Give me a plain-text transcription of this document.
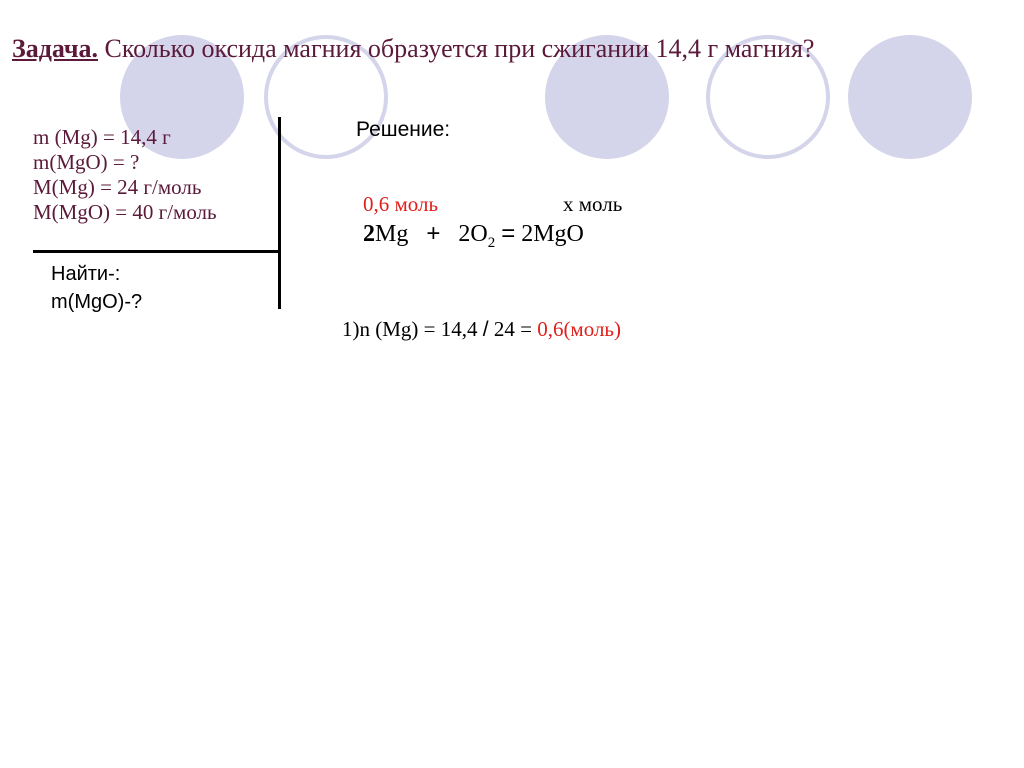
Задача. Сколько оксида магния образуется при сжигании 14,4 г магния?
m (Mg) = 14,4 г
m(MgO) = ?
M(Mg) = 24 г/моль
M(MgO) = 40 г/моль
Найти-:
m(MgO)-?
Решение:
0,6 моль	x моль
$2Mg + 2O_2 = 2MgO$
1)n (Mg) = 14,4 / 24 = 0,6(моль)
